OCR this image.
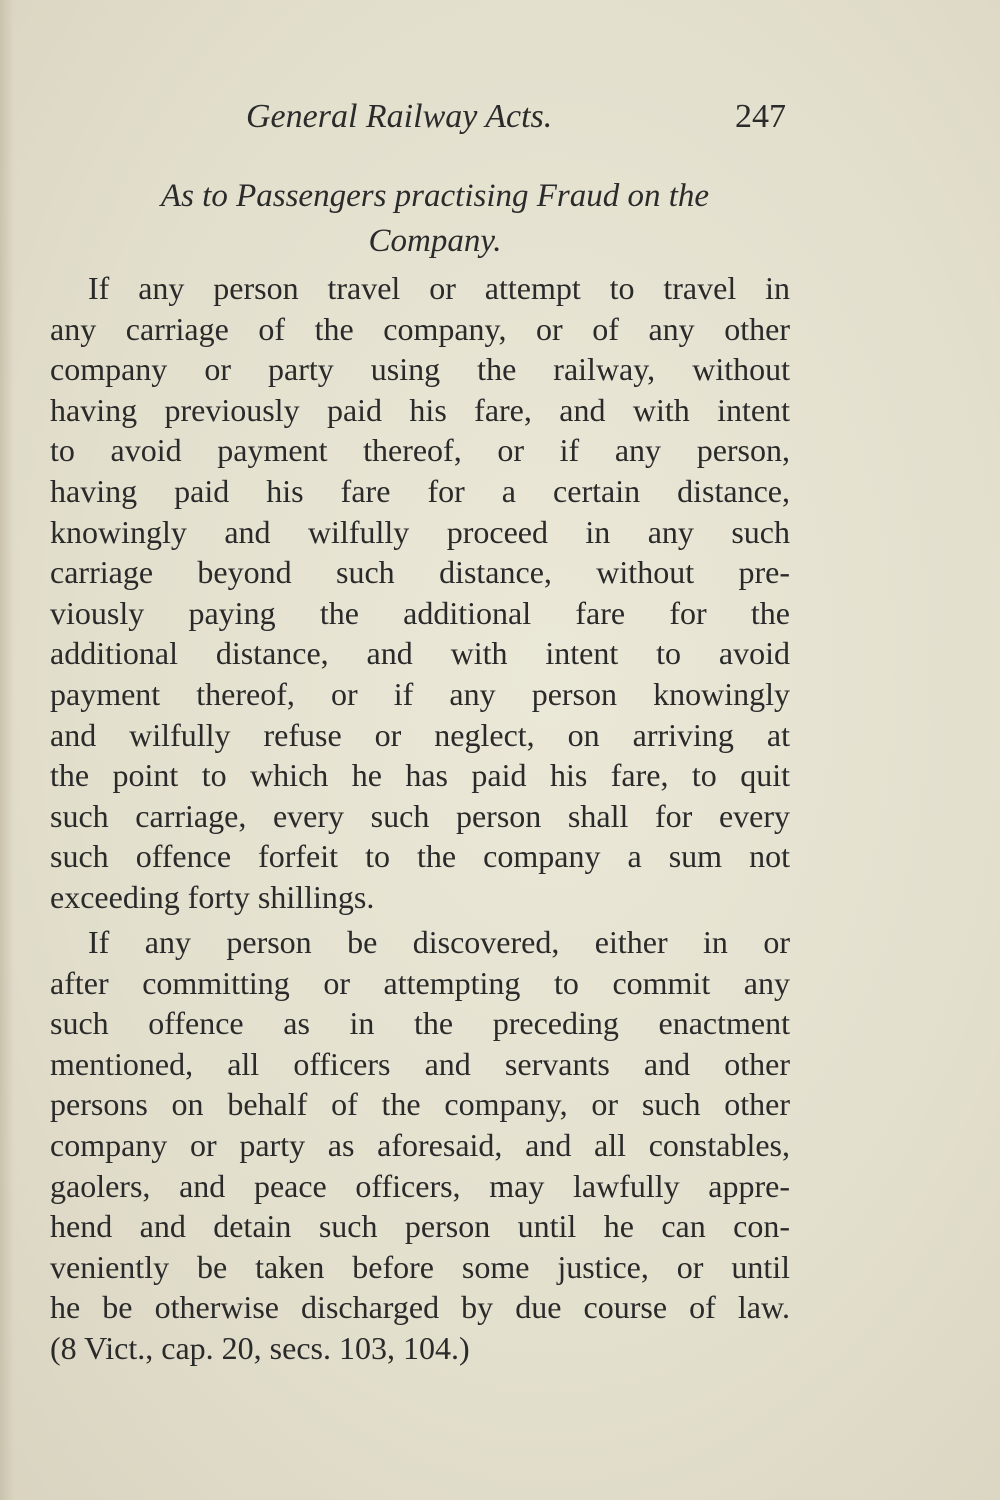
General Railway Acts.	247
As to Passengers practising Fraud on the
Company.
If any person travel or attempt to travel in
any carriage of the company, or of any other
company or party using the railway, without
having previously paid his fare, and with intent
to avoid payment thereof, or if any person,
having paid his fare for a certain distance,
knowingly and wilfully proceed in any such
carriage beyond such distance, without pre-
viously paying the additional fare for the
additional distance, and with intent to avoid
payment thereof, or if any person knowingly
and wilfully refuse or neglect, on arriving at
the point to which he has paid his fare, to quit
such carriage, every such person shall for every
such offence forfeit to the company a sum not
exceeding forty shillings.
If any person be discovered, either in or
after committing or attempting to commit any
such offence as in the preceding enactment
mentioned, all officers and servants and other
persons on behalf of the company, or such other
company or party as aforesaid, and all constables,
gaolers, and peace officers, may lawfully appre-
hend and detain such person until he can con-
veniently be taken before some justice, or until
he be otherwise discharged by due course of law.
(8 Vict., cap. 20, secs. 103, 104.)
